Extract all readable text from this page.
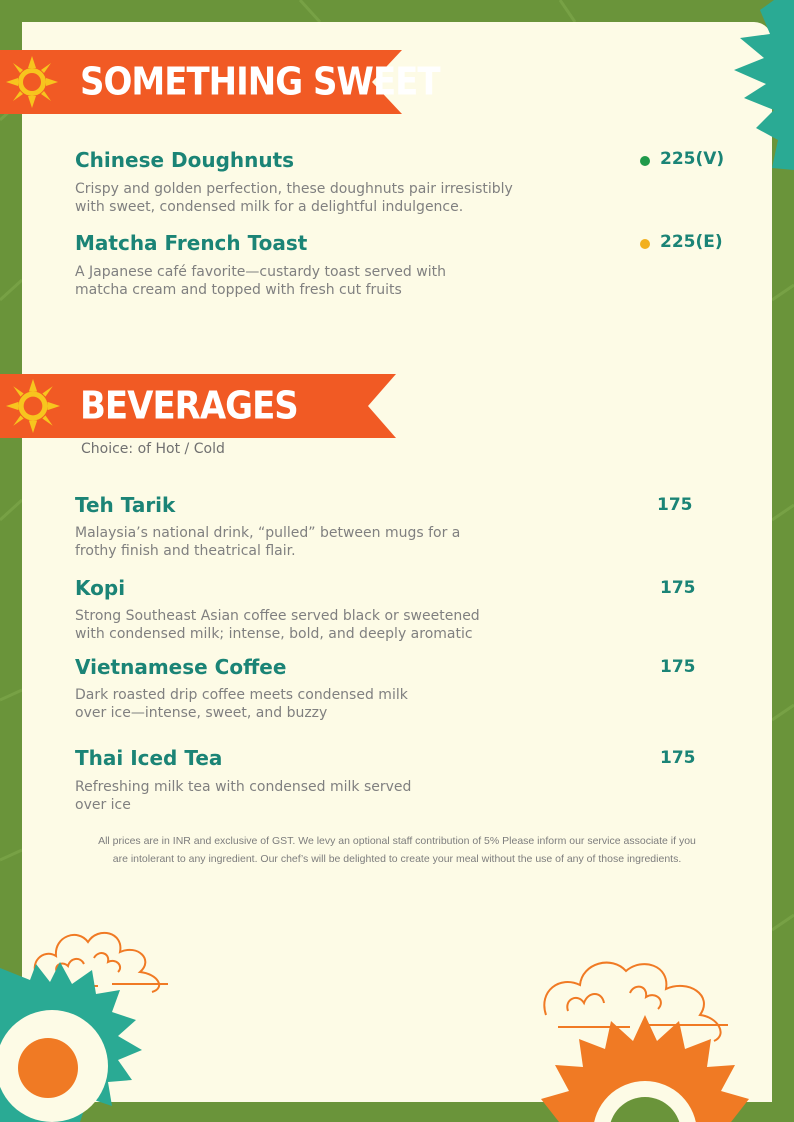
SOMETHING SWEET
Chinese Doughnuts
Crispy and golden perfection, these doughnuts pair irresistibly
with sweet, condensed milk for a delightful indulgence.
225(V)
Matcha French Toast
A Japanese café favorite—custardy toast served with
matcha cream and topped with fresh cut fruits
225(E)
BEVERAGES
Choice: of Hot / Cold
Teh Tarik
Malaysia’s national drink, “pulled” between mugs for a
frothy finish and theatrical flair.
175
Kopi
Strong Southeast Asian coffee served black or sweetened
with condensed milk; intense, bold, and deeply aromatic
175
Vietnamese Coffee
Dark roasted drip coffee meets condensed milk
over ice—intense, sweet, and buzzy
175
Thai Iced Tea
Refreshing milk tea with condensed milk served
over ice
175
All prices are in INR and exclusive of GST. We levy an optional staff contribution of 5% Please inform our service associate if you
are intolerant to any ingredient. Our chef’s will be delighted to create your meal without the use of any of those ingredients.
